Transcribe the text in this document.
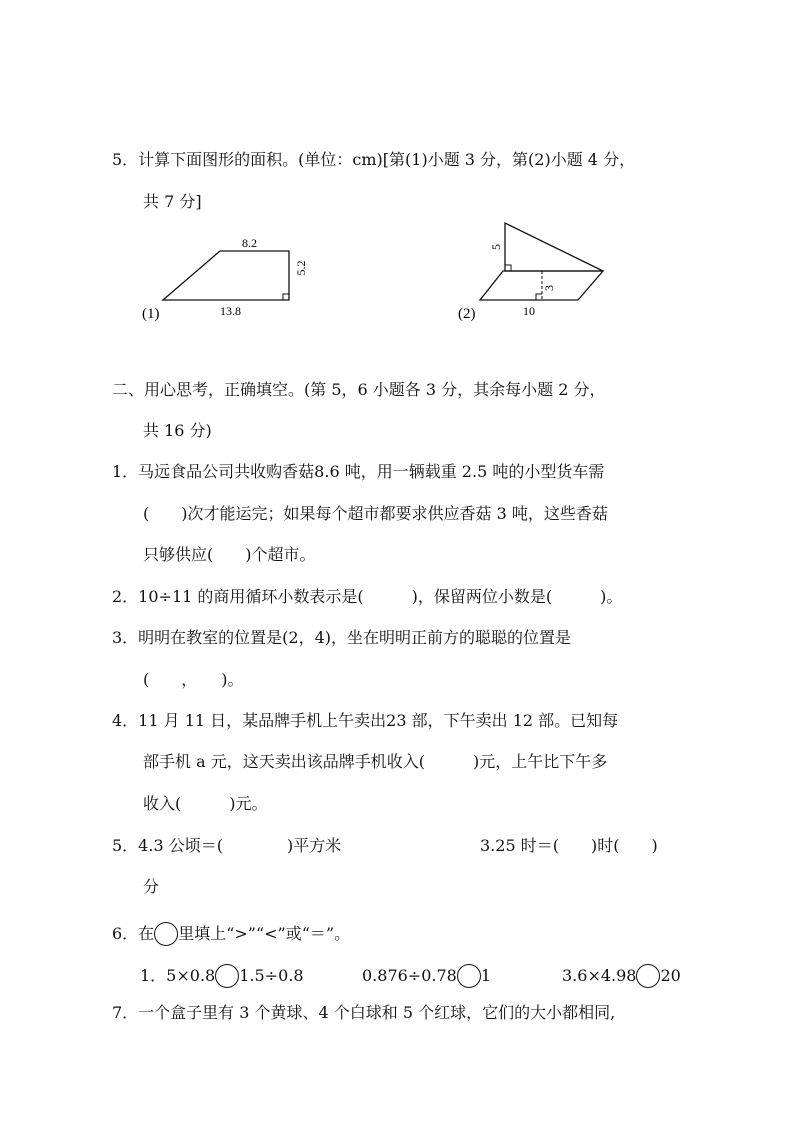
5．计算下面图形的面积。(单位：cm)[第(1)小题 3 分，第(2)小题 4 分，
共 7 分]
8.2
5.2
13.8
(1)
5
3
10
(2)
二、用心思考，正确填空。(第 5，6 小题各 3 分，其余每小题 2 分，
共 16 分)
1．马远食品公司共收购香菇8.6 吨，用一辆载重 2.5 吨的小型货车需
(　　)次才能运完；如果每个超市都要求供应香菇 3 吨，这些香菇
只够供应(　　)个超市。
2．10÷11 的商用循环小数表示是(　　　)，保留两位小数是(　　　)。
3．明明在教室的位置是(2，4)，坐在明明正前方的聪聪的位置是
(　　，　　)。
4．11 月 11 日，某品牌手机上午卖出23 部，下午卖出 12 部。已知每
部手机 a 元，这天卖出该品牌手机收入(　　　)元，上午比下午多
收入(　　　)元。
5．4.3 公顷＝(　　　　)平方米	3.25 时＝(　　)时(　　)
分
6．在 里填上“>”“<”或“＝”。
1．5×0.8 1.5÷0.8	0.876÷0.78 1	3.6×4.98 20
7．一个盒子里有 3 个黄球、4 个白球和 5 个红球，它们的大小都相同,
